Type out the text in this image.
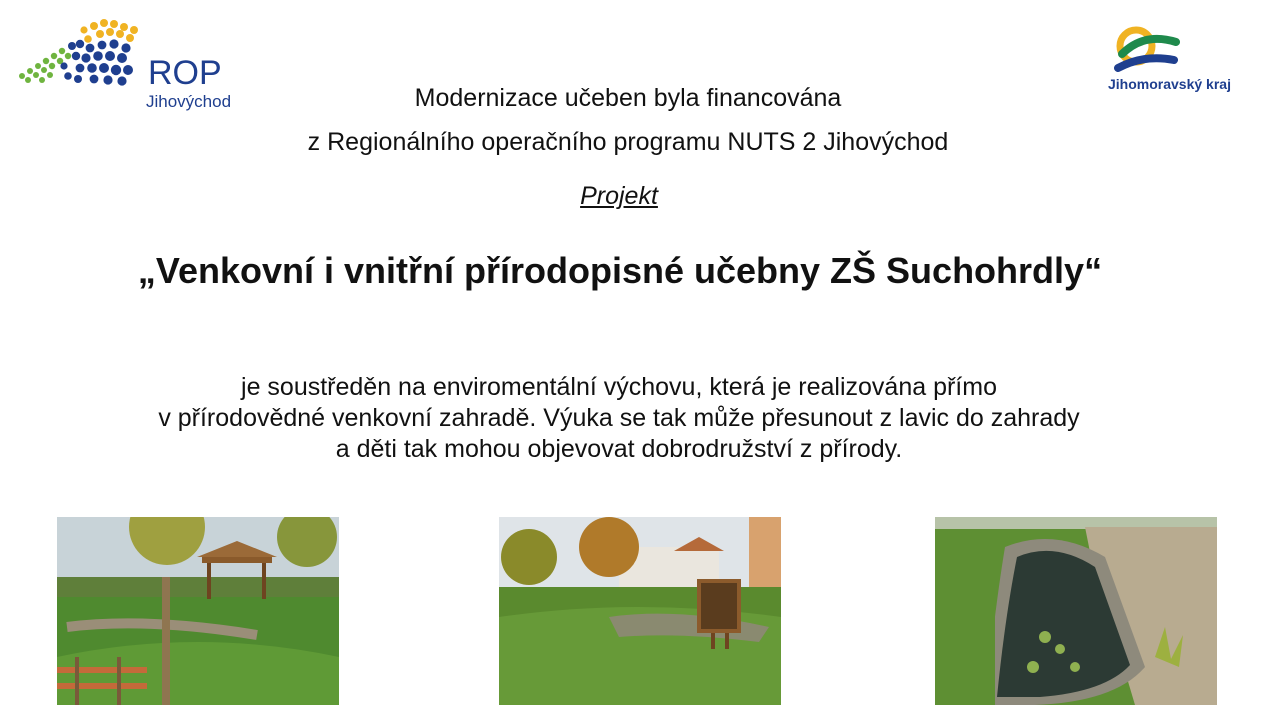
ROP
Jihovýchod
Jihomoravský kraj
Modernizace učeben byla financována
z Regionálního operačního programu NUTS 2 Jihovýchod
Projekt
„Venkovní i vnitřní přírodopisné učebny ZŠ Suchohrdly“
je soustředěn na enviromentální výchovu, která je realizována přímo
v přírodovědné venkovní zahradě. Výuka se tak může přesunout z lavic do zahrady
a děti tak mohou objevovat dobrodružství z přírody.
